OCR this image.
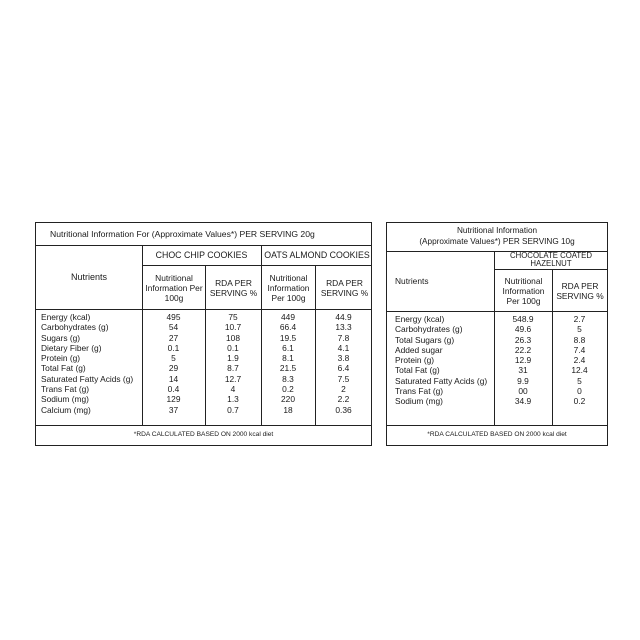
Nutritional Information For (Approximate Values*) PER SERVING 20g
Nutrients
CHOC CHIP COOKIES	OATS ALMOND COOKIES
Nutritional Information Per 100g
RDA PER SERVING %
Nutritional Information Per 100g
RDA PER SERVING %
Energy (kcal)
Carbohydrates (g)
Sugars (g)
Dietary Fiber (g)
Protein (g)
Total Fat (g)
Saturated Fatty Acids (g)
Trans Fat (g)
Sodium (mg)
Calcium (mg)
495
54
27
0.1
5
29
14
0.4
129
37
75
10.7
108
0.1
1.9
8.7
12.7
4
1.3
0.7
449
66.4
19.5
6.1
8.1
21.5
8.3
0.2
220
18
44.9
13.3
7.8
4.1
3.8
6.4
7.5
2
2.2
0.36
*RDA CALCULATED BASED ON 2000 kcal diet
Nutritional Information
(Approximate Values*) PER SERVING 10g
Nutrients
CHOCOLATE COATED HAZELNUT
Nutritional Information Per 100g
RDA PER SERVING %
Energy (kcal)
Carbohydrates (g)
Total Sugars (g)
Added sugar
Protein (g)
Total Fat (g)
Saturated Fatty Acids (g)
Trans Fat (g)
Sodium (mg)
548.9
49.6
26.3
22.2
12.9
31
9.9
00
34.9
2.7
5
8.8
7.4
2.4
12.4
5
0
0.2
*RDA CALCULATED BASED ON 2000 kcal diet
